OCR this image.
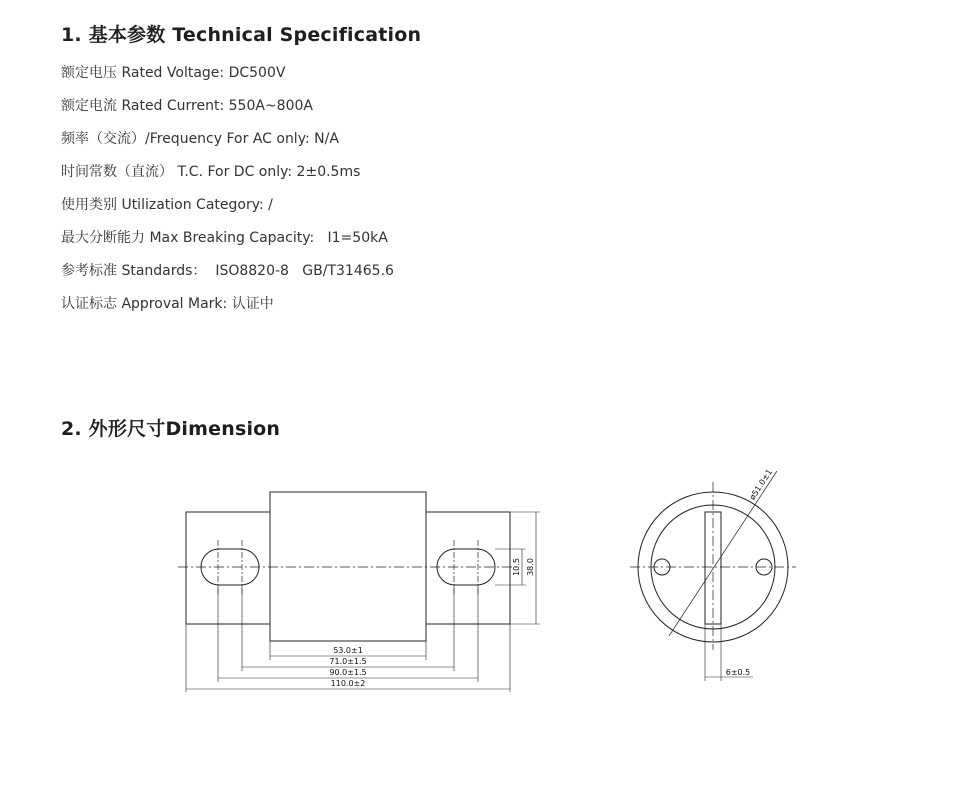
1. 基本参数 Technical Specification
额定电压 Rated Voltage: DC500V
额定电流 Rated Current: 550A~800A
频率（交流）/Frequency For AC only: N/A
时间常数（直流） T.C. For DC only: 2±0.5ms
使用类别 Utilization Category: /
最大分断能力 Max Breaking Capacity:   I1=50kA
参考标准 Standards：  ISO8820-8   GB/T31465.6
认证标志 Approval Mark: 认证中
2. 外形尺寸Dimension
53.0±1
71.0±1.5
90.0±1.5
110.0±2
10.5 38.0
ø51.0±1
6±0.5
